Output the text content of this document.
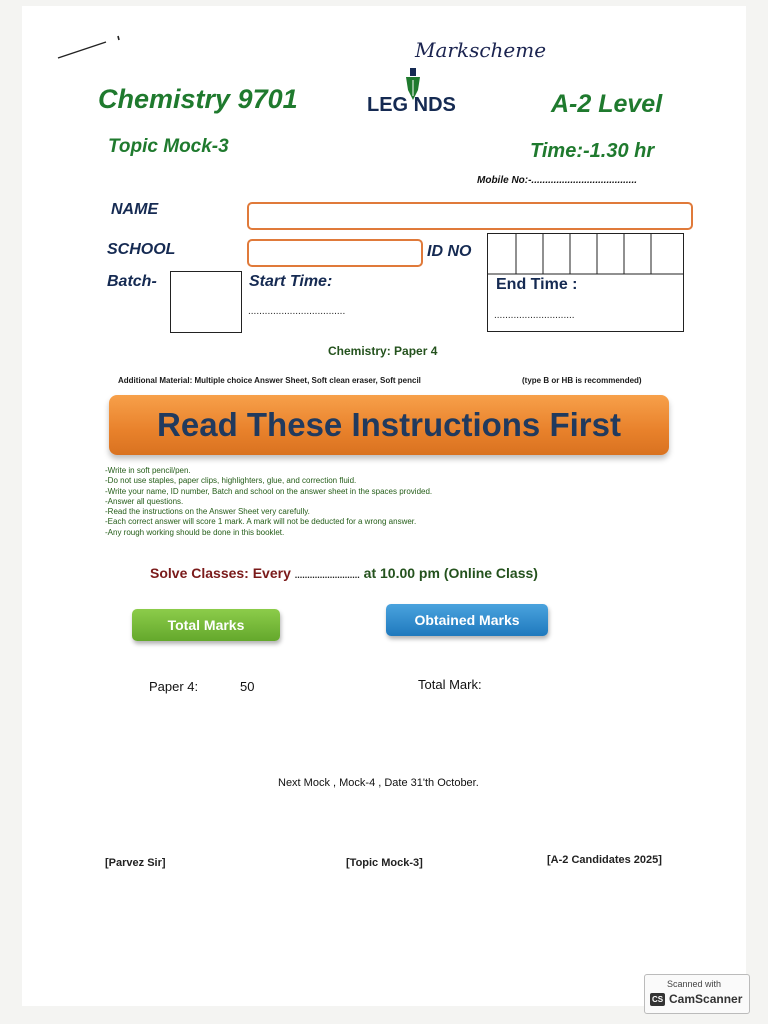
Markscheme
Chemistry 9701	LEG NDS	A-2 Level
Topic Mock-3	Time:-1.30 hr
Mobile No:-......................................
NAME
SCHOOL	ID NO
Batch-	Start Time:
...................................
End Time :
.............................
Chemistry: Paper 4
Additional Material: Multiple choice Answer Sheet, Soft clean eraser, Soft pencil	(type B or HB is recommended)
Read These Instructions First
-Write in soft pencil/pen.
-Do not use staples, paper clips, highlighters, glue, and correction fluid.
-Write your name, ID number, Batch and school on the answer sheet in the spaces provided.
-Answer all questions.
-Read the instructions on the Answer Sheet very carefully.
-Each correct answer will score 1 mark. A mark will not be deducted for a wrong answer.
-Any rough working should be done in this booklet.
Solve Classes: Every .......................... at 10.00 pm (Online Class)
Total Marks	Obtained Marks
Paper 4:	50	Total Mark:
Next Mock , Mock-4 , Date 31'th October.
[Parvez Sir]	[Topic Mock-3]	[A-2 Candidates 2025]
Scanned with
CS CamScanner
